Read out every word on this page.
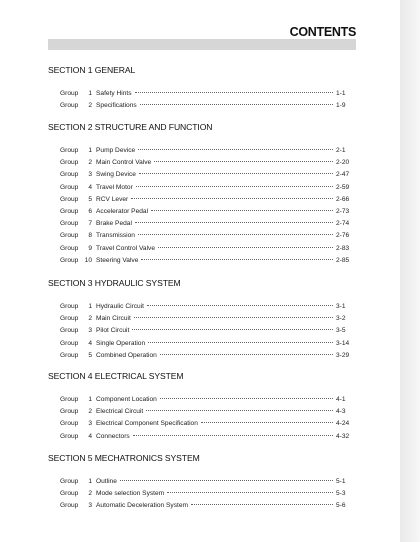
CONTENTS
SECTION 1 GENERAL
Group	1 Safety Hints	1-1
Group	2 Specifications	1-9
SECTION 2 STRUCTURE AND FUNCTION
Group	1 Pump Device	2-1
Group	2 Main Control Valve	2-20
Group	3 Swing Device	2-47
Group	4 Travel Motor	2-59
Group	5 RCV Lever	2-66
Group	6 Accelerator Pedal	2-73
Group	7 Brake Pedal	2-74
Group	8 Transmission	2-76
Group	9 Travel Control Valve	2-83
Group 10 Steering Valve	2-85
SECTION 3 HYDRAULIC SYSTEM
Group	1 Hydraulic Circuit	3-1
Group	2 Main Circuit	3-2
Group	3 Pilot Circuit	3-5
Group	4 Single Operation	3-14
Group	5 Combined Operation	3-29
SECTION 4 ELECTRICAL SYSTEM
Group	1 Component Location	4-1
Group	2 Electrical Circuit	4-3
Group	3 Electrical Component Specification	4-24
Group	4 Connectors	4-32
SECTION 5 MECHATRONICS SYSTEM
Group	1 Outline	5-1
Group	2 Mode selection System	5-3
Group	3 Automatic Deceleration System	5-6
